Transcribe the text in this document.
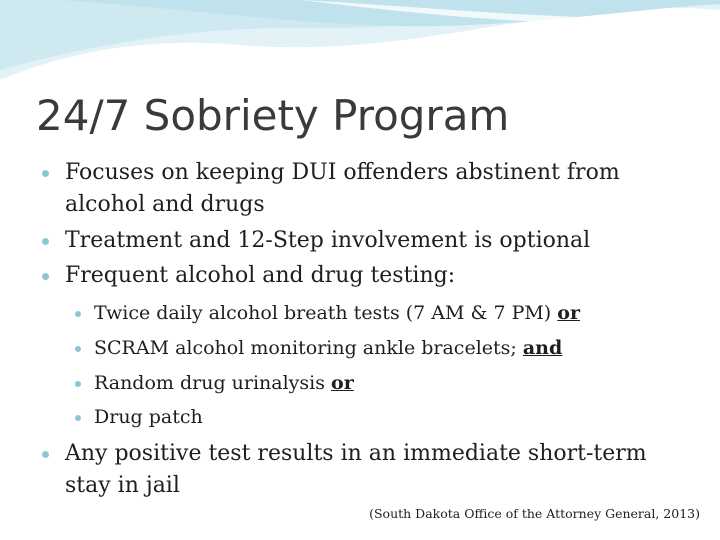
24/7 Sobriety Program
Focuses on keeping DUI offenders abstinent from alcohol and drugs
Treatment and 12-Step involvement is optional
Frequent alcohol and drug testing:
Twice daily alcohol breath tests (7 AM & 7 PM) or
SCRAM alcohol monitoring ankle bracelets; and
Random drug urinalysis or
Drug patch
Any positive test results in an immediate short-term stay in jail

(South Dakota Office of the Attorney General, 2013)
